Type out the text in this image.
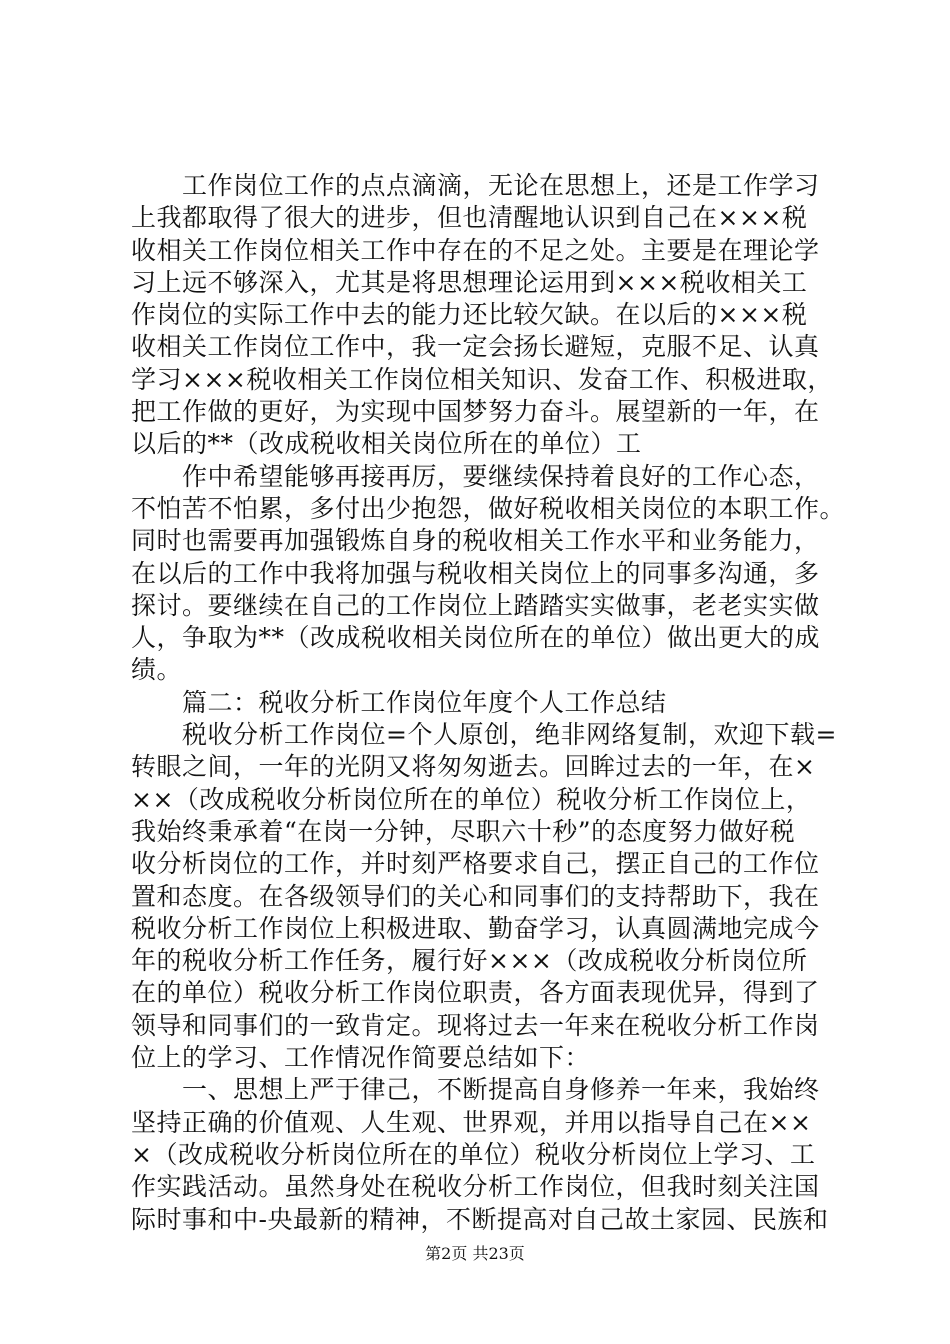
　　工作岗位工作的点点滴滴，无论在思想上，还是工作学习
上我都取得了很大的进步，但也清醒地认识到自己在×××税
收相关工作岗位相关工作中存在的不足之处。主要是在理论学
习上远不够深入，尤其是将思想理论运用到×××税收相关工
作岗位的实际工作中去的能力还比较欠缺。在以后的×××税
收相关工作岗位工作中，我一定会扬长避短，克服不足、认真
学习×××税收相关工作岗位相关知识、发奋工作、积极进取，
把工作做的更好，为实现中国梦努力奋斗。展望新的一年，在
以后的**（改成税收相关岗位所在的单位）工
　　作中希望能够再接再厉，要继续保持着良好的工作心态，
不怕苦不怕累，多付出少抱怨，做好税收相关岗位的本职工作。
同时也需要再加强锻炼自身的税收相关工作水平和业务能力，
在以后的工作中我将加强与税收相关岗位上的同事多沟通，多
探讨。要继续在自己的工作岗位上踏踏实实做事，老老实实做
人，争取为**（改成税收相关岗位所在的单位）做出更大的成
绩。
　　篇二：税收分析工作岗位年度个人工作总结
　　税收分析工作岗位=个人原创，绝非网络复制，欢迎下载=
转眼之间，一年的光阴又将匆匆逝去。回眸过去的一年，在×
××（改成税收分析岗位所在的单位）税收分析工作岗位上，
我始终秉承着“在岗一分钟，尽职六十秒”的态度努力做好税
收分析岗位的工作，并时刻严格要求自己，摆正自己的工作位
置和态度。在各级领导们的关心和同事们的支持帮助下，我在
税收分析工作岗位上积极进取、勤奋学习，认真圆满地完成今
年的税收分析工作任务，履行好×××（改成税收分析岗位所
在的单位）税收分析工作岗位职责，各方面表现优异，得到了
领导和同事们的一致肯定。现将过去一年来在税收分析工作岗
位上的学习、工作情况作简要总结如下：
　　一、思想上严于律己，不断提高自身修养一年来，我始终
坚持正确的价值观、人生观、世界观，并用以指导自己在××
×（改成税收分析岗位所在的单位）税收分析岗位上学习、工
作实践活动。虽然身处在税收分析工作岗位，但我时刻关注国
际时事和中-央最新的精神，不断提高对自己故土家园、民族和
第2页 共23页
